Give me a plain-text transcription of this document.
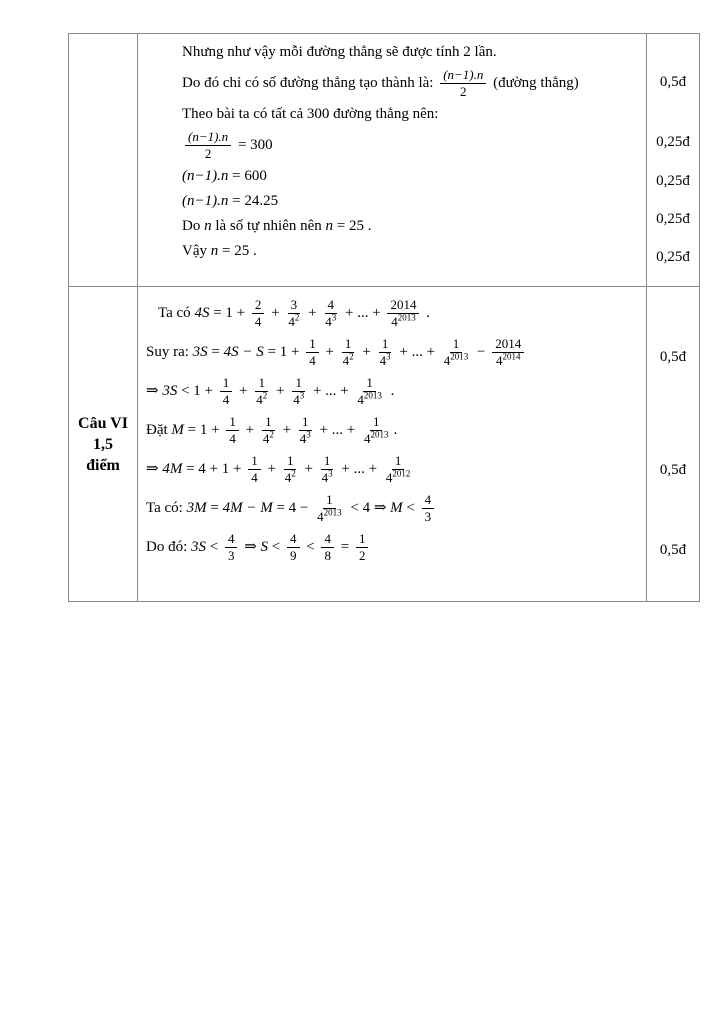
Nhưng như vậy mỗi đường thẳng sẽ được tính 2 lần.
Do đó chỉ có số đường thẳng tạo thành là: $\frac{(n-1).n}{2}$ (đường thẳng)
Theo bài ta có tất cả 300 đường thẳng nên:
$\frac{(n-1).n}{2} = 300$
(n−1).n = 600
(n−1).n = 24.25
Do n là số tự nhiên nên n = 25 .
Vậy n = 25 .
0,5đ
0,25đ
0,25đ
0,25đ
0,25đ
Câu VI
1,5
điểm
Ta có $4S = 1 + \frac{2}{4} + \frac{3}{4^2} + \frac{4}{4^3}$ + ... + $\frac{2014}{4^{2013}}$ .
Suy ra: $3S = 4S - S = 1 + \frac{1}{4} + \frac{1}{4^2} + \frac{1}{4^3}$ + ... + $\frac{1}{4^{2013}} - \frac{2014}{4^{2014}}$
⇒ $3S < 1 + \frac{1}{4} + \frac{1}{4^2} + \frac{1}{4^3}$ + ... + $\frac{1}{4^{2013}}$ .
Đặt $M = 1 + \frac{1}{4} + \frac{1}{4^2} + \frac{1}{4^3}$ + ... + $\frac{1}{4^{2013}}$ .
⇒ $4M = 4 + 1 + \frac{1}{4} + \frac{1}{4^2} + \frac{1}{4^3}$ + ... + $\frac{1}{4^{2012}}$
Ta có: $3M = 4M - M = 4 - \frac{1}{4^{2013}} < 4$ ⇒ $M < \frac{4}{3}$
Do đó: $3S < \frac{4}{3}$ ⇒ $S < \frac{4}{9} < \frac{4}{8} = \frac{1}{2}$
0,5đ
0,5đ
0,5đ
